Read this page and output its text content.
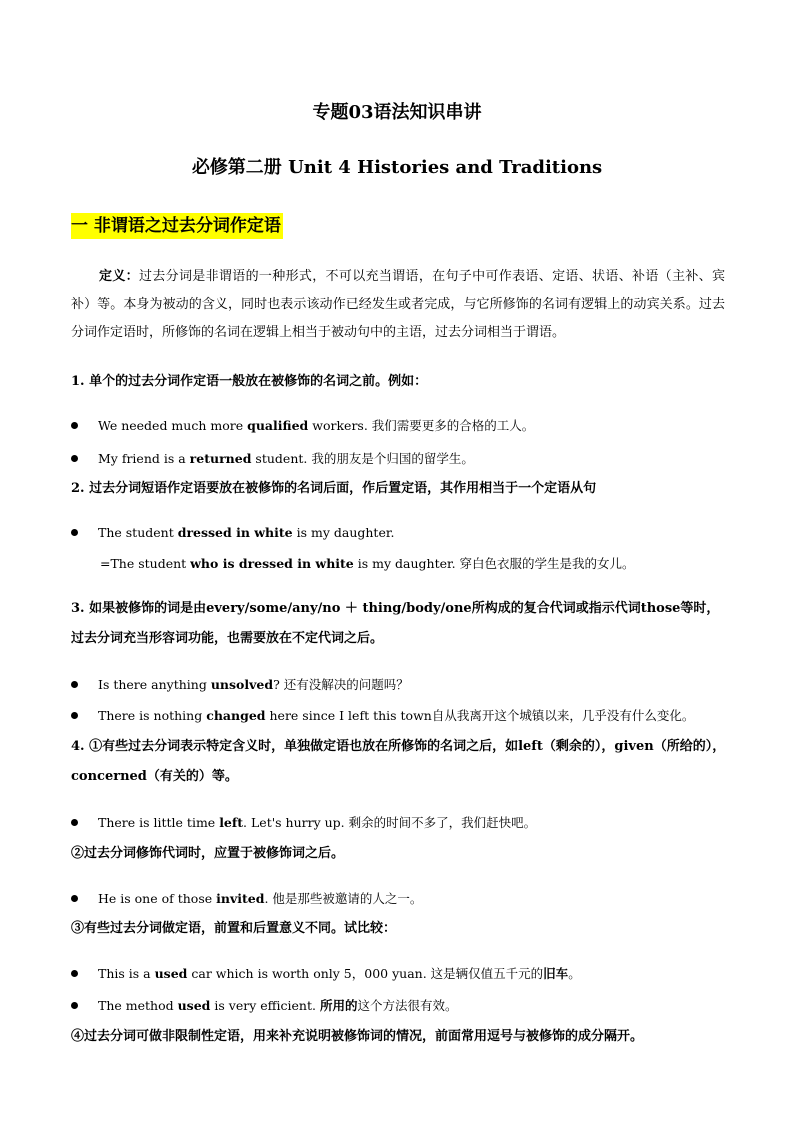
专题03语法知识串讲
必修第二册 Unit 4 Histories and Traditions
一 非谓语之过去分词作定语
定义：过去分词是非谓语的一种形式，不可以充当谓语，在句子中可作表语、定语、状语、补语（主补、宾补）等。本身为被动的含义，同时也表示该动作已经发生或者完成，与它所修饰的名词有逻辑上的动宾关系。过去分词作定语时，所修饰的名词在逻辑上相当于被动句中的主语，过去分词相当于谓语。
1. 单个的过去分词作定语一般放在被修饰的名词之前。例如：
We needed much more qualified workers. 我们需要更多的合格的工人。
My friend is a returned student. 我的朋友是个归国的留学生。
2. 过去分词短语作定语要放在被修饰的名词后面，作后置定语，其作用相当于一个定语从句
The student dressed in white is my daughter.
=The student who is dressed in white is my daughter. 穿白色衣服的学生是我的女儿。
3. 如果被修饰的词是由every/some/any/no ＋ thing/body/one所构成的复合代词或指示代词those等时，过去分词充当形容词功能，也需要放在不定代词之后。
Is there anything unsolved? 还有没解决的问题吗？
There is nothing changed here since I left this town自从我离开这个城镇以来，几乎没有什么变化。
4. ①有些过去分词表示特定含义时，单独做定语也放在所修饰的名词之后，如left（剩余的），given（所给的），concerned（有关的）等。
There is little time left. Let's hurry up. 剩余的时间不多了，我们赶快吧。
②过去分词修饰代词时，应置于被修饰词之后。
He is one of those invited. 他是那些被邀请的人之一。
③有些过去分词做定语，前置和后置意义不同。试比较：
This is a used car which is worth only 5，000 yuan. 这是辆仅值五千元的旧车。
The method used is very efficient. 所用的这个方法很有效。
④过去分词可做非限制性定语，用来补充说明被修饰词的情况，前面常用逗号与被修饰的成分隔开。
